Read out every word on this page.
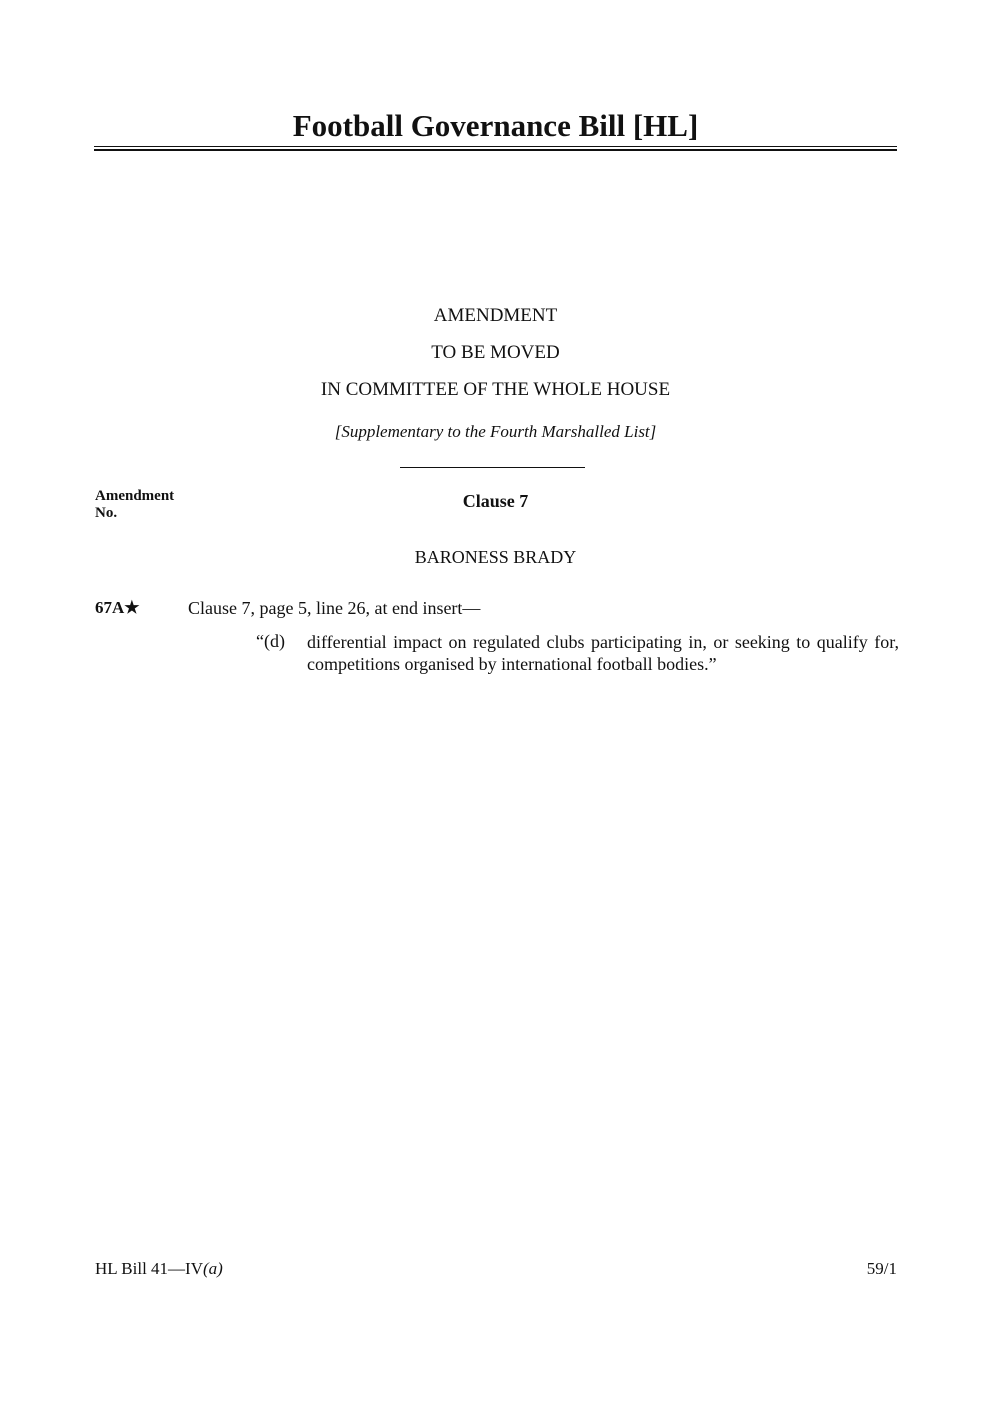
Football Governance Bill [HL]
AMENDMENT
TO BE MOVED
IN COMMITTEE OF THE WHOLE HOUSE
[Supplementary to the Fourth Marshalled List]
Amendment
No.
Clause 7
BARONESS BRADY
67A★	Clause 7, page 5, line 26, at end insert—
“(d) differential impact on regulated clubs participating in, or seeking to qualify for, competitions organised by international football bodies.”
HL Bill 41—IV(a)	59/1
